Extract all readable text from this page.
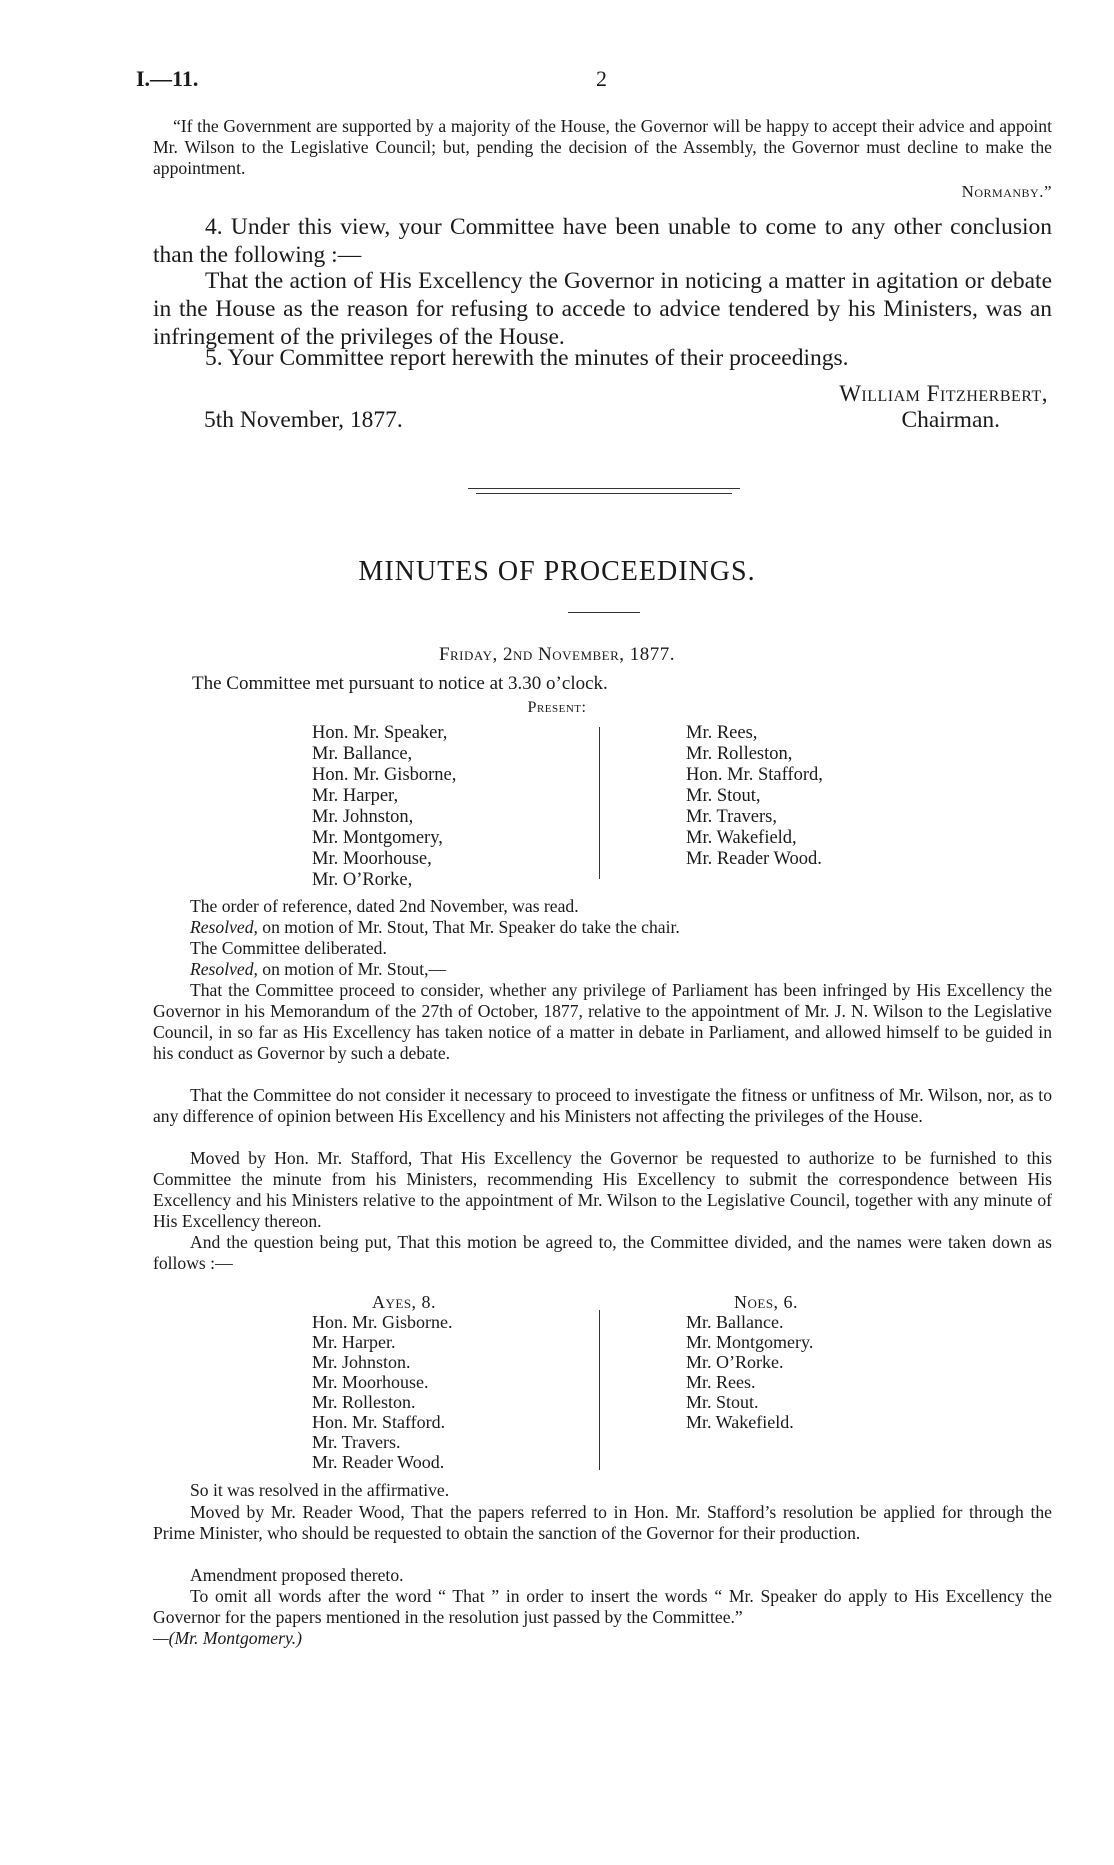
I.—11.	2
“If the Government are supported by a majority of the House, the Governor will be happy to accept their advice and appoint Mr. Wilson to the Legislative Council; but, pending the decision of the Assembly, the Governor must decline to make the appointment.
Normanby.”
4. Under this view, your Committee have been unable to come to any other conclusion than the following :—
That the action of His Excellency the Governor in noticing a matter in agitation or debate in the House as the reason for refusing to accede to advice tendered by his Ministers, was an infringement of the privileges of the House.
5. Your Committee report herewith the minutes of their proceedings.
William Fitzherbert,
5th November, 1877.	Chairman.
MINUTES OF PROCEEDINGS.
Friday, 2nd November, 1877.
The Committee met pursuant to notice at 3.30 o’clock.
Present:
Hon. Mr. Speaker,
Mr. Ballance,
Hon. Mr. Gisborne,
Mr. Harper,
Mr. Johnston,
Mr. Montgomery,
Mr. Moorhouse,
Mr. O’Rorke,
Mr. Rees,
Mr. Rolleston,
Hon. Mr. Stafford,
Mr. Stout,
Mr. Travers,
Mr. Wakefield,
Mr. Reader Wood.
The order of reference, dated 2nd November, was read.
Resolved, on motion of Mr. Stout, That Mr. Speaker do take the chair.
The Committee deliberated.
Resolved, on motion of Mr. Stout,—
That the Committee proceed to consider, whether any privilege of Parliament has been infringed by His Excellency the Governor in his Memorandum of the 27th of October, 1877, relative to the appointment of Mr. J. N. Wilson to the Legislative Council, in so far as His Excellency has taken notice of a matter in debate in Parliament, and allowed himself to be guided in his conduct as Governor by such a debate.
That the Committee do not consider it necessary to proceed to investigate the fitness or unfitness of Mr. Wilson, nor, as to any difference of opinion between His Excellency and his Ministers not affecting the privileges of the House.
Moved by Hon. Mr. Stafford, That His Excellency the Governor be requested to authorize to be furnished to this Committee the minute from his Ministers, recommending His Excellency to submit the correspondence between His Excellency and his Ministers relative to the appointment of Mr. Wilson to the Legislative Council, together with any minute of His Excellency thereon.
And the question being put, That this motion be agreed to, the Committee divided, and the names were taken down as follows :—
Ayes, 8.
Hon. Mr. Gisborne.
Mr. Harper.
Mr. Johnston.
Mr. Moorhouse.
Mr. Rolleston.
Hon. Mr. Stafford.
Mr. Travers.
Mr. Reader Wood.
Noes, 6.
Mr. Ballance.
Mr. Montgomery.
Mr. O’Rorke.
Mr. Rees.
Mr. Stout.
Mr. Wakefield.
So it was resolved in the affirmative.
Moved by Mr. Reader Wood, That the papers referred to in Hon. Mr. Stafford’s resolution be applied for through the Prime Minister, who should be requested to obtain the sanction of the Governor for their production.
Amendment proposed thereto.
To omit all words after the word “ That ” in order to insert the words “ Mr. Speaker do apply to His Excellency the Governor for the papers mentioned in the resolution just passed by the Committee.”
—(Mr. Montgomery.)
